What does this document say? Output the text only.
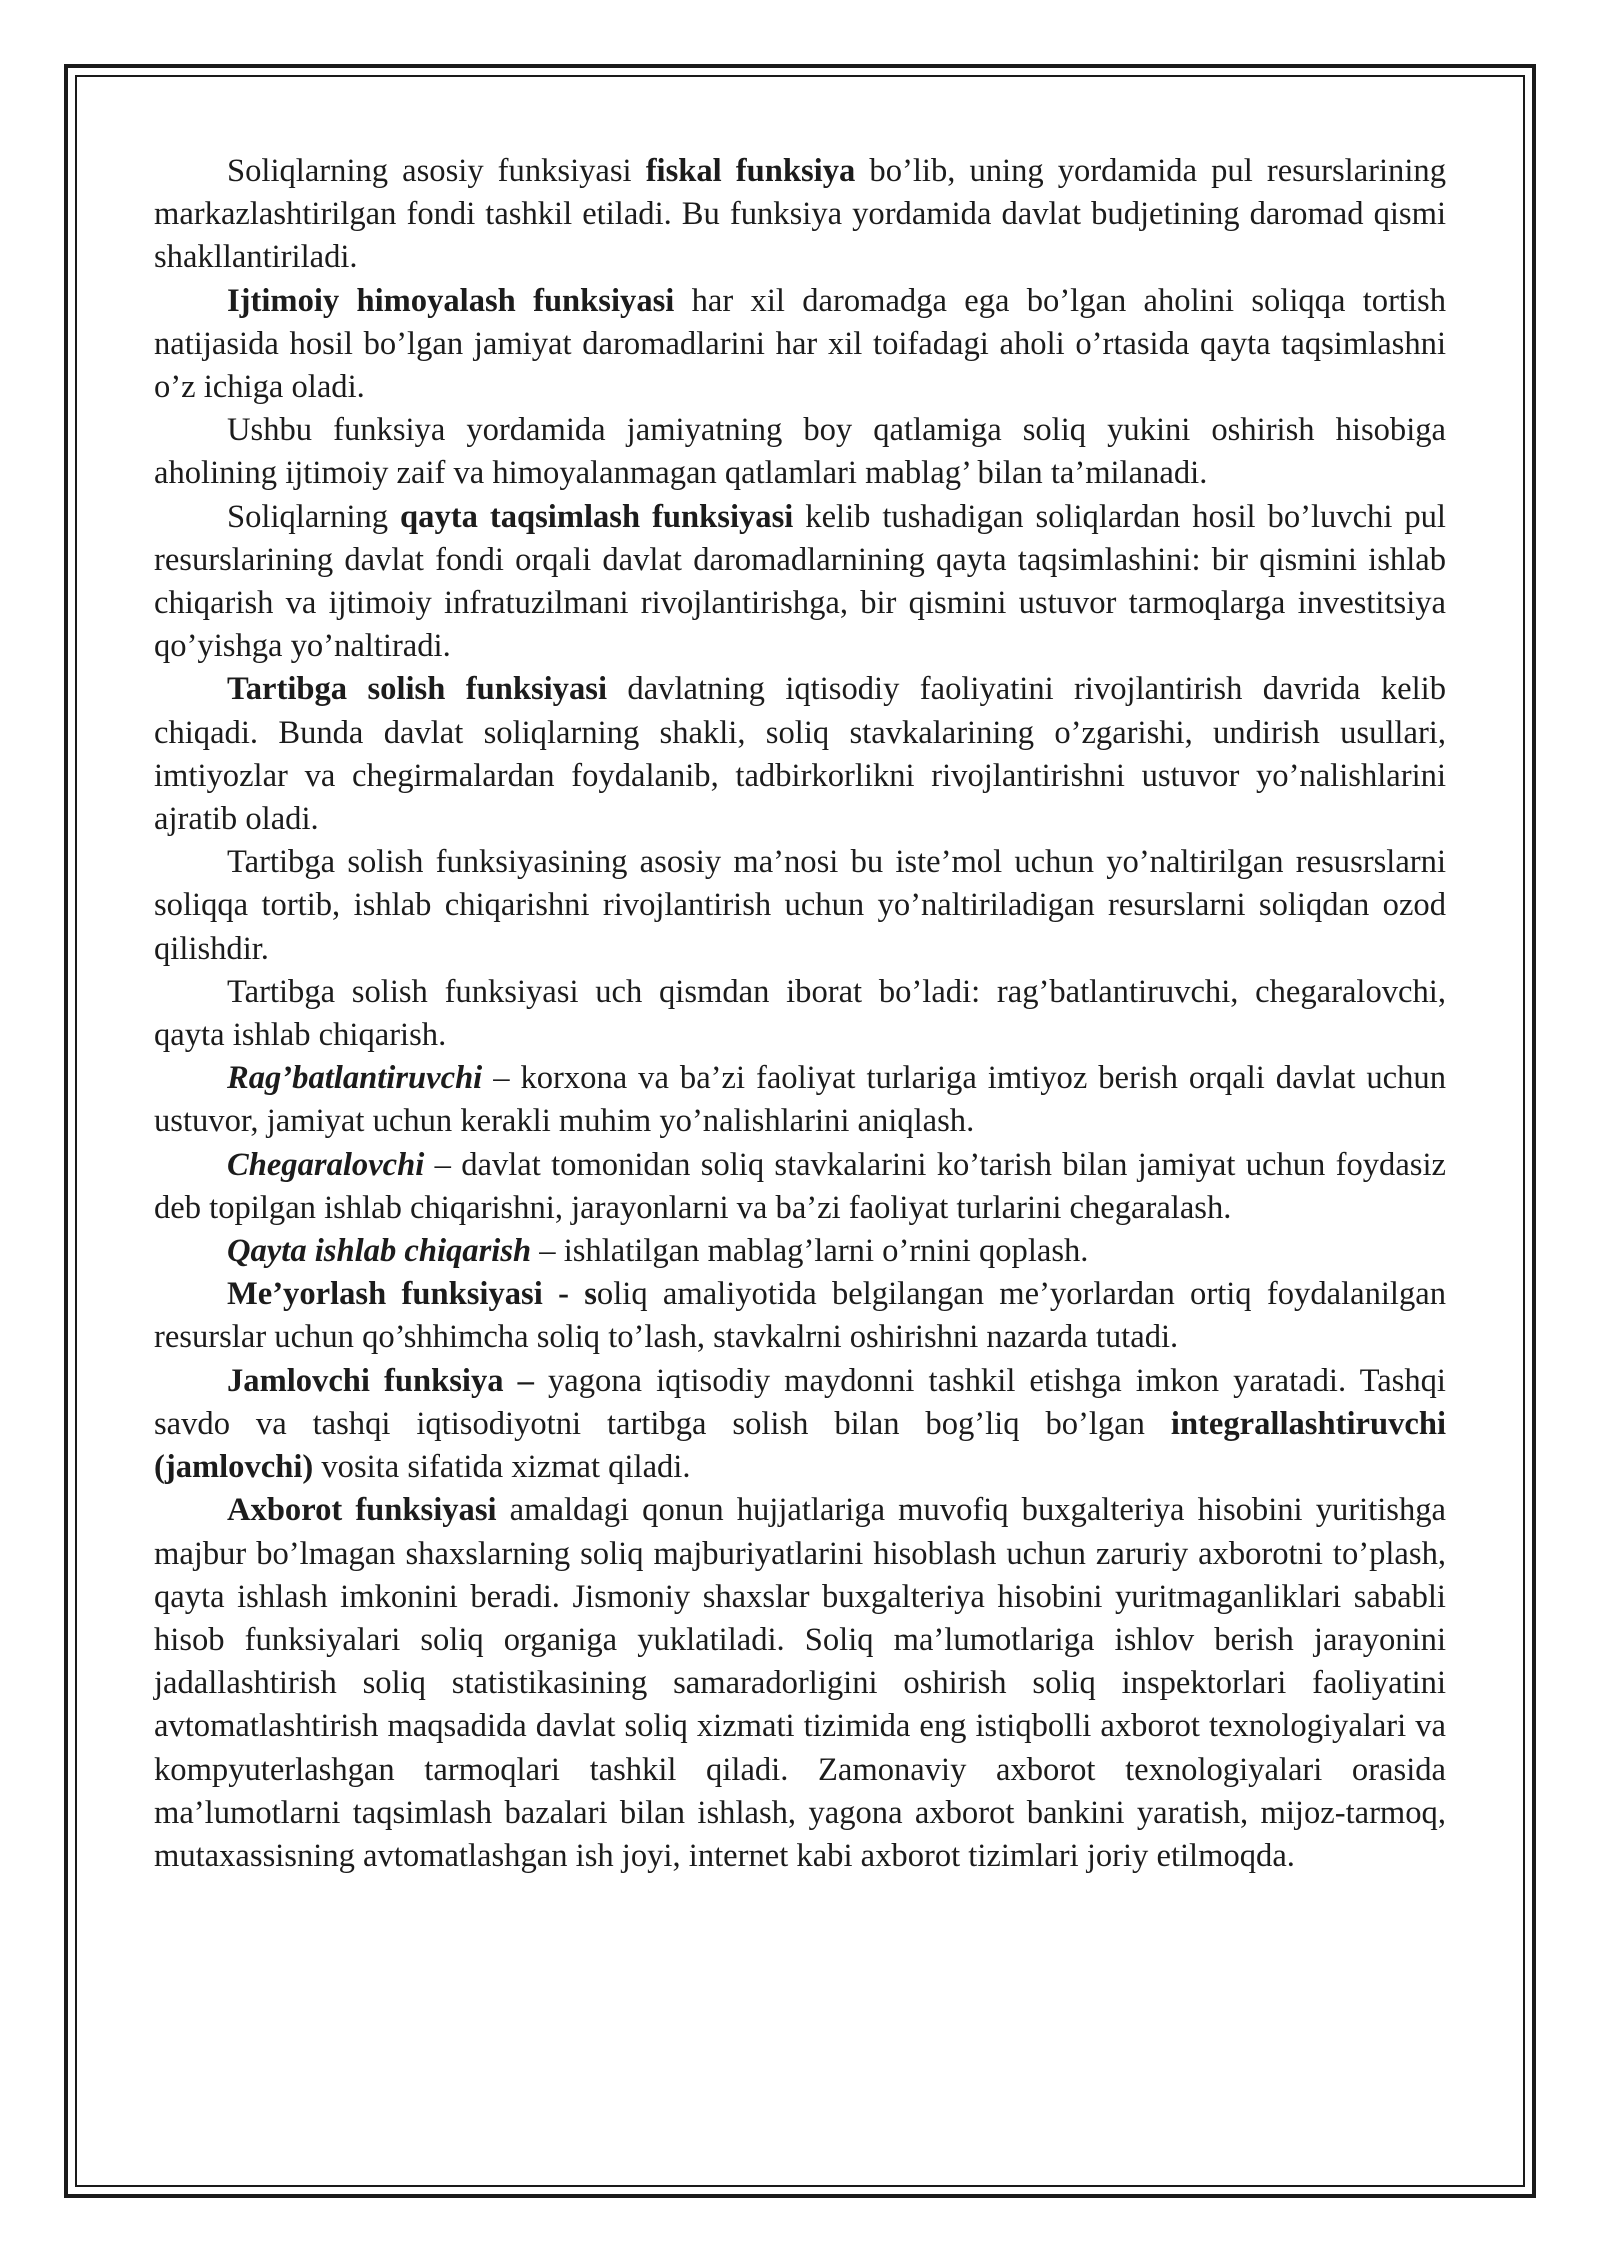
Soliqlarning asosiy funksiyasi fiskal funksiya bo’lib, uning yordamida pul resurslarining markazlashtirilgan fondi tashkil etiladi. Bu funksiya yordamida davlat budjetining daromad qismi shakllantiriladi.

Ijtimoiy himoyalash funksiyasi har xil daromadga ega bo’lgan aholini soliqqa tortish natijasida hosil bo’lgan jamiyat daromadlarini har xil toifadagi aholi o’rtasida qayta taqsimlashni o’z ichiga oladi.

Ushbu funksiya yordamida jamiyatning boy qatlamiga soliq yukini oshirish hisobiga aholining ijtimoiy zaif va himoyalanmagan qatlamlari mablag’ bilan ta’milanadi.

Soliqlarning qayta taqsimlash funksiyasi kelib tushadigan soliqlardan hosil bo’luvchi pul resurslarining davlat fondi orqali davlat daromadlarnining qayta taqsimlashini: bir qismini ishlab chiqarish va ijtimoiy infratuzilmani rivojlantirishga, bir qismini ustuvor tarmoqlarga investitsiya qo’yishga yo’naltiradi.

Tartibga solish funksiyasi davlatning iqtisodiy faoliyatini rivojlantirish davrida kelib chiqadi. Bunda davlat soliqlarning shakli, soliq stavkalarining o’zgarishi, undirish usullari, imtiyozlar va chegirmalardan foydalanib, tadbirkorlikni rivojlantirishni ustuvor yo’nalishlarini ajratib oladi.

Tartibga solish funksiyasining asosiy ma’nosi bu iste’mol uchun yo’naltirilgan resusrslarni soliqqa tortib, ishlab chiqarishni rivojlantirish uchun yo’naltiriladigan resurslarni soliqdan ozod qilishdir.

Tartibga solish funksiyasi uch qismdan iborat bo’ladi: rag’batlantiruvchi, chegaralovchi, qayta ishlab chiqarish.

Rag’batlantiruvchi – korxona va ba’zi faoliyat turlariga imtiyoz berish orqali davlat uchun ustuvor, jamiyat uchun kerakli muhim yo’nalishlarini aniqlash.

Chegaralovchi – davlat tomonidan soliq stavkalarini ko’tarish bilan jamiyat uchun foydasiz deb topilgan ishlab chiqarishni, jarayonlarni va ba’zi faoliyat turlarini chegaralash.

Qayta ishlab chiqarish – ishlatilgan mablag’larni o’rnini qoplash.

Me’yorlash funksiyasi - soliq amaliyotida belgilangan me’yorlardan ortiq foydalanilgan resurslar uchun qo’shhimcha soliq to’lash, stavkalrni oshirishni nazarda tutadi.

Jamlovchi funksiya – yagona iqtisodiy maydonni tashkil etishga imkon yaratadi. Tashqi savdo va tashqi iqtisodiyotni tartibga solish bilan bog’liq bo’lgan integrallashtiruvchi (jamlovchi) vosita sifatida xizmat qiladi.

Axborot funksiyasi amaldagi qonun hujjatlariga muvofiq buxgalteriya hisobini yuritishga majbur bo’lmagan shaxslarning soliq majburiyatlarini hisoblash uchun zaruriy axborotni to’plash, qayta ishlash imkonini beradi. Jismoniy shaxslar buxgalteriya hisobini yuritmaganliklari sababli hisob funksiyalari soliq organiga yuklatiladi. Soliq ma’lumotlariga ishlov berish jarayonini jadallashtirish soliq statistikasining samaradorligini oshirish soliq inspektorlari faoliyatini avtomatlashtirish maqsadida davlat soliq xizmati tizimida eng istiqbolli axborot texnologiyalari va kompyuterlashgan tarmoqlari tashkil qiladi. Zamonaviy axborot texnologiyalari orasida ma’lumotlarni taqsimlash bazalari bilan ishlash, yagona axborot bankini yaratish, mijoz-tarmoq, mutaxassisning avtomatlashgan ish joyi, internet kabi axborot tizimlari joriy etilmoqda.
